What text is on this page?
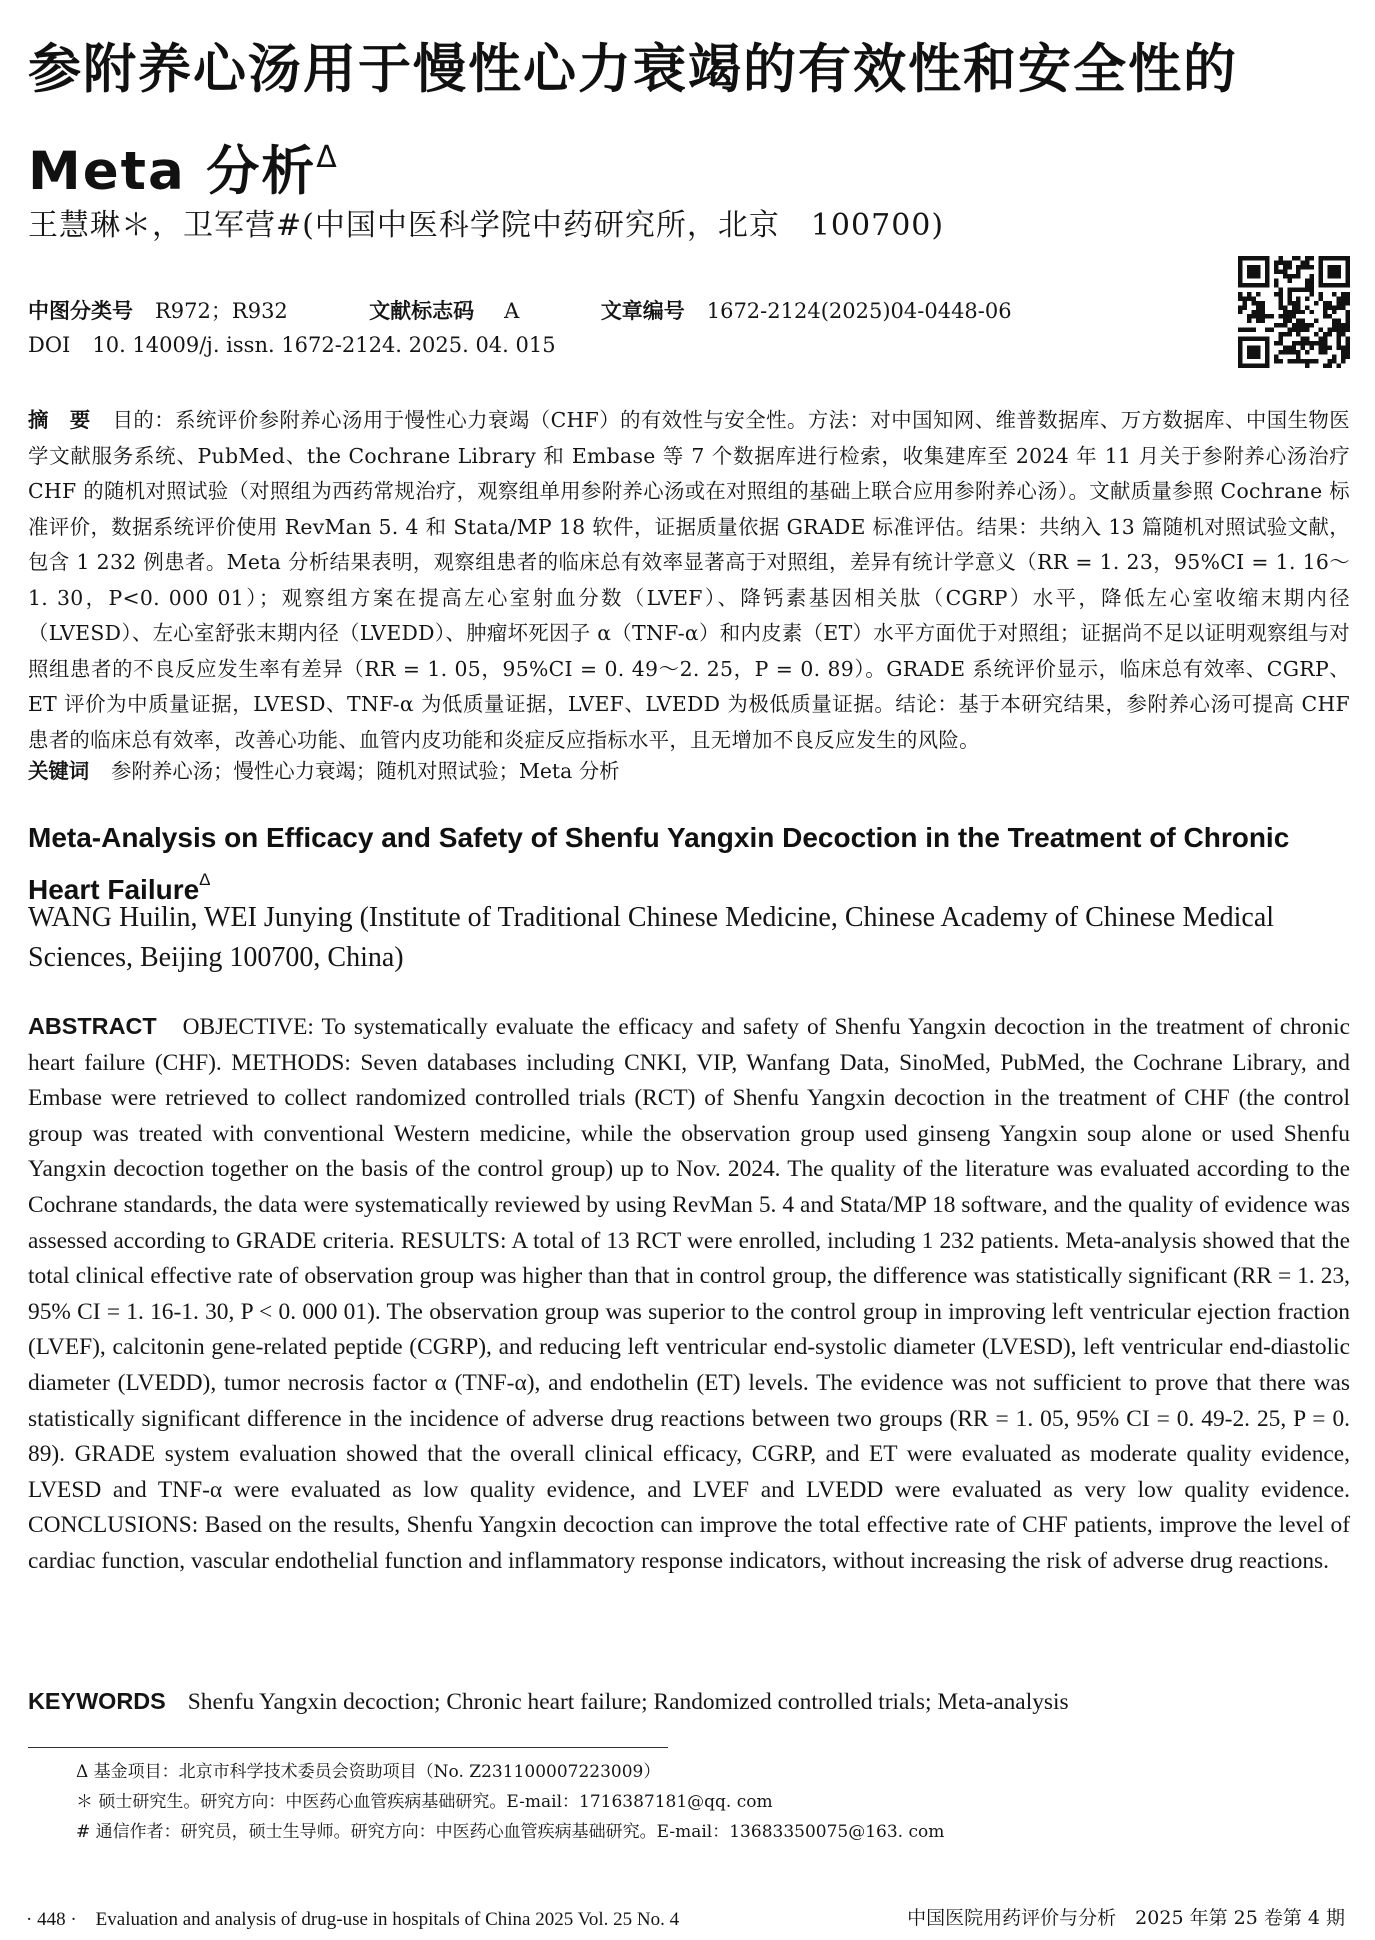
参附养心汤用于慢性心力衰竭的有效性和安全性的Meta 分析$^\Delta$
王慧琳＊，卫军营#(中国中医科学院中药研究所，北京　100700)
中图分类号 R972；R932	文献标志码 A	文章编号 1672-2124(2025)04-0448-06
DOI 10. 14009/j. issn. 1672-2124. 2025. 04. 015

摘　要 目的：系统评价参附养心汤用于慢性心力衰竭（CHF）的有效性与安全性。方法：对中国知网、维普数据库、万方数据库、中国生物医学文献服务系统、PubMed、the Cochrane Library 和 Embase 等 7 个数据库进行检索，收集建库至 2024 年 11 月关于参附养心汤治疗 CHF 的随机对照试验（对照组为西药常规治疗，观察组单用参附养心汤或在对照组的基础上联合应用参附养心汤）。文献质量参照 Cochrane 标准评价，数据系统评价使用 RevMan 5. 4 和 Stata/MP 18 软件，证据质量依据 GRADE 标准评估。结果：共纳入 13 篇随机对照试验文献，包含 1 232 例患者。Meta 分析结果表明，观察组患者的临床总有效率显著高于对照组，差异有统计学意义（RR = 1. 23，95%CI = 1. 16～1. 30，P<0. 000 01）；观察组方案在提高左心室射血分数（LVEF）、降钙素基因相关肽（CGRP）水平，降低左心室收缩末期内径（LVESD）、左心室舒张末期内径（LVEDD）、肿瘤坏死因子 α（TNF-α）和内皮素（ET）水平方面优于对照组；证据尚不足以证明观察组与对照组患者的不良反应发生率有差异（RR = 1. 05，95%CI = 0. 49～2. 25，P = 0. 89）。GRADE 系统评价显示，临床总有效率、CGRP、ET 评价为中质量证据，LVESD、TNF-α 为低质量证据，LVEF、LVEDD 为极低质量证据。结论：基于本研究结果，参附养心汤可提高 CHF 患者的临床总有效率，改善心功能、血管内皮功能和炎症反应指标水平，且无增加不良反应发生的风险。

关键词 参附养心汤；慢性心力衰竭；随机对照试验；Meta 分析
Meta-Analysis on Efficacy and Safety of Shenfu Yangxin Decoction in the Treatment of Chronic Heart Failure$^\Delta$

WANG Huilin, WEI Junying (Institute of Traditional Chinese Medicine, Chinese Academy of Chinese Medical Sciences, Beijing 100700, China)

ABSTRACT OBJECTIVE: To systematically evaluate the efficacy and safety of Shenfu Yangxin decoction in the treatment of chronic heart failure (CHF). METHODS: Seven databases including CNKI, VIP, Wanfang Data, SinoMed, PubMed, the Cochrane Library, and Embase were retrieved to collect randomized controlled trials (RCT) of Shenfu Yangxin decoction in the treatment of CHF (the control group was treated with conventional Western medicine, while the observation group used ginseng Yangxin soup alone or used Shenfu Yangxin decoction together on the basis of the control group) up to Nov. 2024. The quality of the literature was evaluated according to the Cochrane standards, the data were systematically reviewed by using RevMan 5. 4 and Stata/MP 18 software, and the quality of evidence was assessed according to GRADE criteria. RESULTS: A total of 13 RCT were enrolled, including 1 232 patients. Meta-analysis showed that the total clinical effective rate of observation group was higher than that in control group, the difference was statistically significant (RR = 1. 23, 95% CI = 1. 16-1. 30, P < 0. 000 01). The observation group was superior to the control group in improving left ventricular ejection fraction (LVEF), calcitonin gene-related peptide (CGRP), and reducing left ventricular end-systolic diameter (LVESD), left ventricular end-diastolic diameter (LVEDD), tumor necrosis factor α (TNF-α), and endothelin (ET) levels. The evidence was not sufficient to prove that there was statistically significant difference in the incidence of adverse drug reactions between two groups (RR = 1. 05, 95% CI = 0. 49-2. 25, P = 0. 89). GRADE system evaluation showed that the overall clinical efficacy, CGRP, and ET were evaluated as moderate quality evidence, LVESD and TNF-α were evaluated as low quality evidence, and LVEF and LVEDD were evaluated as very low quality evidence. CONCLUSIONS: Based on the results, Shenfu Yangxin decoction can improve the total effective rate of CHF patients, improve the level of cardiac function, vascular endothelial function and inflammatory response indicators, without increasing the risk of adverse drug reactions.

KEYWORDS Shenfu Yangxin decoction; Chronic heart failure; Randomized controlled trials; Meta-analysis
Δ 基金项目：北京市科学技术委员会资助项目（No. Z231100007223009）
＊ 硕士研究生。研究方向：中医药心血管疾病基础研究。E-mail：1716387181@qq. com
# 通信作者：研究员，硕士生导师。研究方向：中医药心血管疾病基础研究。E-mail：13683350075@163. com
· 448 ·　Evaluation and analysis of drug-use in hospitals of China 2025 Vol. 25 No. 4	中国医院用药评价与分析　2025 年第 25 卷第 4 期
